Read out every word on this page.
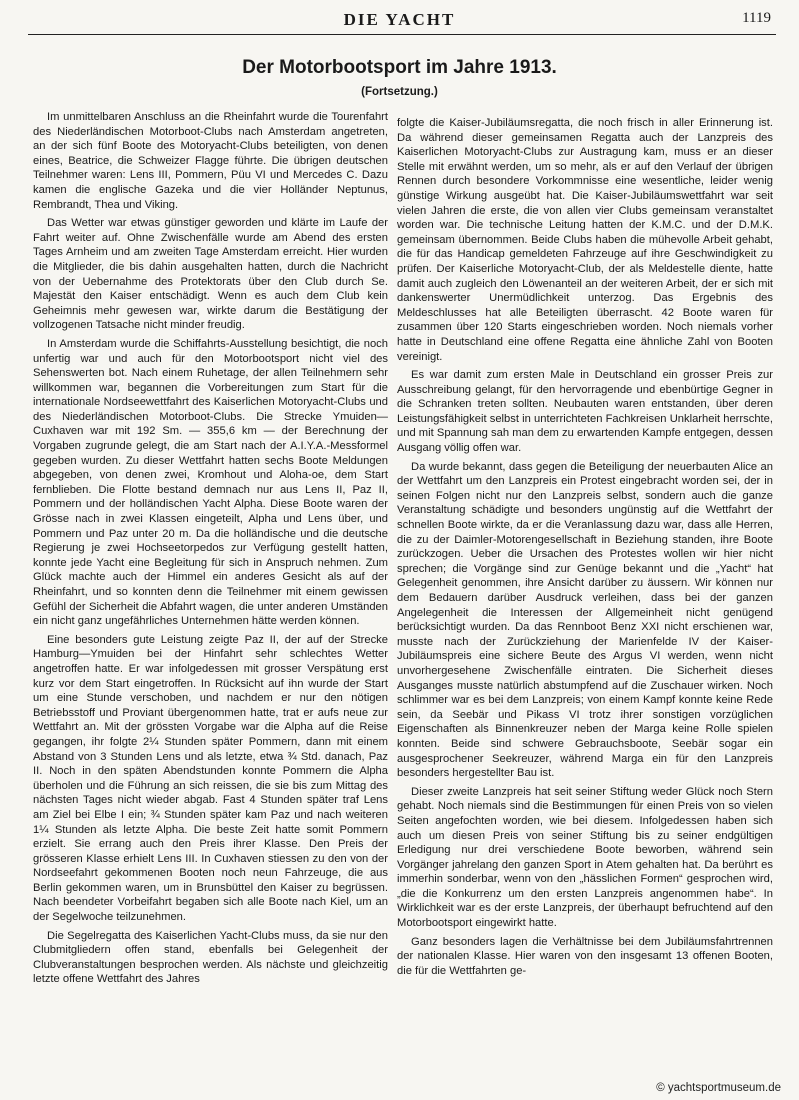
DIE YACHT	1119
Der Motorbootsport im Jahre 1913.
(Fortsetzung.)

Im unmittelbaren Anschluss an die Rheinfahrt wurde die Tourenfahrt des Niederländischen Motorboot-Clubs nach Amsterdam angetreten, an der sich fünf Boote des Motoryacht-Clubs beteiligten, von denen eines, Beatrice, die Schweizer Flagge führte. Die übrigen deutschen Teilnehmer waren: Lens III, Pommern, Püu VI und Mercedes C. Dazu kamen die englische Gazeka und die vier Holländer Neptunus, Rembrandt, Thea und Viking.

Das Wetter war etwas günstiger geworden und klärte im Laufe der Fahrt weiter auf. Ohne Zwischenfälle wurde am Abend des ersten Tages Arnheim und am zweiten Tage Amsterdam erreicht. Hier wurden die Mitglieder, die bis dahin ausgehalten hatten, durch die Nachricht von der Uebernahme des Protektorats über den Club durch Se. Majestät den Kaiser entschädigt. Wenn es auch dem Club kein Geheimnis mehr gewesen war, wirkte darum die Bestätigung der vollzogenen Tatsache nicht minder freudig.

In Amsterdam wurde die Schiffahrts-Ausstellung besichtigt, die noch unfertig war und auch für den Motorbootsport nicht viel des Sehenswerten bot. Nach einem Ruhetage, der allen Teilnehmern sehr willkommen war, begannen die Vorbereitungen zum Start für die internationale Nordseewettfahrt des Kaiserlichen Motoryacht-Clubs und des Niederländischen Motorboot-Clubs. Die Strecke Ymuiden—Cuxhaven war mit 192 Sm. — 355,6 km — der Berechnung der Vorgaben zugrunde gelegt, die am Start nach der A.I.Y.A.-Messformel gegeben wurden. Zu dieser Wettfahrt hatten sechs Boote Meldungen abgegeben, von denen zwei, Kromhout und Aloha-oe, dem Start fernblieben. Die Flotte bestand demnach nur aus Lens II, Paz II, Pommern und der holländischen Yacht Alpha. Diese Boote waren der Grösse nach in zwei Klassen eingeteilt, Alpha und Lens über, und Pommern und Paz unter 20 m. Da die holländische und die deutsche Regierung je zwei Hochseetorpedos zur Verfügung gestellt hatten, konnte jede Yacht eine Begleitung für sich in Anspruch nehmen. Zum Glück machte auch der Himmel ein anderes Gesicht als auf der Rheinfahrt, und so konnten denn die Teilnehmer mit einem gewissen Gefühl der Sicherheit die Abfahrt wagen, die unter anderen Umständen ein nicht ganz ungefährliches Unternehmen hätte werden können.

Eine besonders gute Leistung zeigte Paz II, der auf der Strecke Hamburg—Ymuiden bei der Hinfahrt sehr schlechtes Wetter angetroffen hatte. Er war infolgedessen mit grosser Verspätung erst kurz vor dem Start eingetroffen. In Rücksicht auf ihn wurde der Start um eine Stunde verschoben, und nachdem er nur den nötigen Betriebsstoff und Proviant übergenommen hatte, trat er aufs neue zur Wettfahrt an. Mit der grössten Vorgabe war die Alpha auf die Reise gegangen, ihr folgte 2¼ Stunden später Pommern, dann mit einem Abstand von 3 Stunden Lens und als letzte, etwa ¾ Std. danach, Paz II. Noch in den späten Abendstunden konnte Pommern die Alpha überholen und die Führung an sich reissen, die sie bis zum Mittag des nächsten Tages nicht wieder abgab. Fast 4 Stunden später traf Lens am Ziel bei Elbe I ein; ¾ Stunden später kam Paz und nach weiteren 1¼ Stunden als letzte Alpha. Die beste Zeit hatte somit Pommern erzielt. Sie errang auch den Preis ihrer Klasse. Den Preis der grösseren Klasse erhielt Lens III. In Cuxhaven stiessen zu den von der Nordseefahrt gekommenen Booten noch neun Fahrzeuge, die aus Berlin gekommen waren, um in Brunsbüttel den Kaiser zu begrüssen. Nach beendeter Vorbeifahrt begaben sich alle Boote nach Kiel, um an der Segelwoche teilzunehmen.

Die Segelregatta des Kaiserlichen Yacht-Clubs muss, da sie nur den Clubmitgliedern offen stand, ebenfalls bei Gelegenheit der Clubveranstaltungen besprochen werden. Als nächste und gleichzeitig letzte offene Wettfahrt des Jahres

folgte die Kaiser-Jubiläumsregatta, die noch frisch in aller Erinnerung ist. Da während dieser gemeinsamen Regatta auch der Lanzpreis des Kaiserlichen Motoryacht-Clubs zur Austragung kam, muss er an dieser Stelle mit erwähnt werden, um so mehr, als er auf den Verlauf der übrigen Rennen durch besondere Vorkommnisse eine wesentliche, leider wenig günstige Wirkung ausgeübt hat. Die Kaiser-Jubiläumswettfahrt war seit vielen Jahren die erste, die von allen vier Clubs gemeinsam veranstaltet worden war. Die technische Leitung hatten der K.M.C. und der D.M.K. gemeinsam übernommen. Beide Clubs haben die mühevolle Arbeit gehabt, die für das Handicap gemeldeten Fahrzeuge auf ihre Geschwindigkeit zu prüfen. Der Kaiserliche Motoryacht-Club, der als Meldestelle diente, hatte damit auch zugleich den Löwenanteil an der weiteren Arbeit, der er sich mit dankenswerter Unermüdlichkeit unterzog. Das Ergebnis des Meldeschlusses hat alle Beteiligten überrascht. 42 Boote waren für zusammen über 120 Starts eingeschrieben worden. Noch niemals vorher hatte in Deutschland eine offene Regatta eine ähnliche Zahl von Booten vereinigt.

Es war damit zum ersten Male in Deutschland ein grosser Preis zur Ausschreibung gelangt, für den hervorragende und ebenbürtige Gegner in die Schranken treten sollten. Neubauten waren entstanden, über deren Leistungsfähigkeit selbst in unterrichteten Fachkreisen Unklarheit herrschte, und mit Spannung sah man dem zu erwartenden Kampfe entgegen, dessen Ausgang völlig offen war.

Da wurde bekannt, dass gegen die Beteiligung der neuerbauten Alice an der Wettfahrt um den Lanzpreis ein Protest eingebracht worden sei, der in seinen Folgen nicht nur den Lanzpreis selbst, sondern auch die ganze Veranstaltung schädigte und besonders ungünstig auf die Wettfahrt der schnellen Boote wirkte, da er die Veranlassung dazu war, dass alle Herren, die zu der Daimler-Motorengesellschaft in Beziehung standen, ihre Boote zurückzogen. Ueber die Ursachen des Protestes wollen wir hier nicht sprechen; die Vorgänge sind zur Genüge bekannt und die „Yacht“ hat Gelegenheit genommen, ihre Ansicht darüber zu äussern. Wir können nur dem Bedauern darüber Ausdruck verleihen, dass bei der ganzen Angelegenheit die Interessen der Allgemeinheit nicht genügend berücksichtigt wurden. Da das Rennboot Benz XXI nicht erschienen war, musste nach der Zurückziehung der Marienfelde IV der Kaiser-Jubiläumspreis eine sichere Beute des Argus VI werden, wenn nicht unvorhergesehene Zwischenfälle eintraten. Die Sicherheit dieses Ausganges musste natürlich abstumpfend auf die Zuschauer wirken. Noch schlimmer war es bei dem Lanzpreis; von einem Kampf konnte keine Rede sein, da Seebär und Pikass VI trotz ihrer sonstigen vorzüglichen Eigenschaften als Binnenkreuzer neben der Marga keine Rolle spielen konnten. Beide sind schwere Gebrauchsboote, Seebär sogar ein ausgesprochener Seekreuzer, während Marga ein für den Lanzpreis besonders hergestellter Bau ist.

Dieser zweite Lanzpreis hat seit seiner Stiftung weder Glück noch Stern gehabt. Noch niemals sind die Bestimmungen für einen Preis von so vielen Seiten angefochten worden, wie bei diesem. Infolgedessen haben sich auch um diesen Preis von seiner Stiftung bis zu seiner endgültigen Erledigung nur drei verschiedene Boote beworben, während sein Vorgänger jahrelang den ganzen Sport in Atem gehalten hat. Da berührt es immerhin sonderbar, wenn von den „hässlichen Formen“ gesprochen wird, „die die Konkurrenz um den ersten Lanzpreis angenommen habe“. In Wirklichkeit war es der erste Lanzpreis, der überhaupt befruchtend auf den Motorbootsport eingewirkt hatte.

Ganz besonders lagen die Verhältnisse bei dem Jubiläumsfahrtrennen der nationalen Klasse. Hier waren von den insgesamt 13 offenen Booten, die für die Wettfahrten ge-

© yachtsportmuseum.de
